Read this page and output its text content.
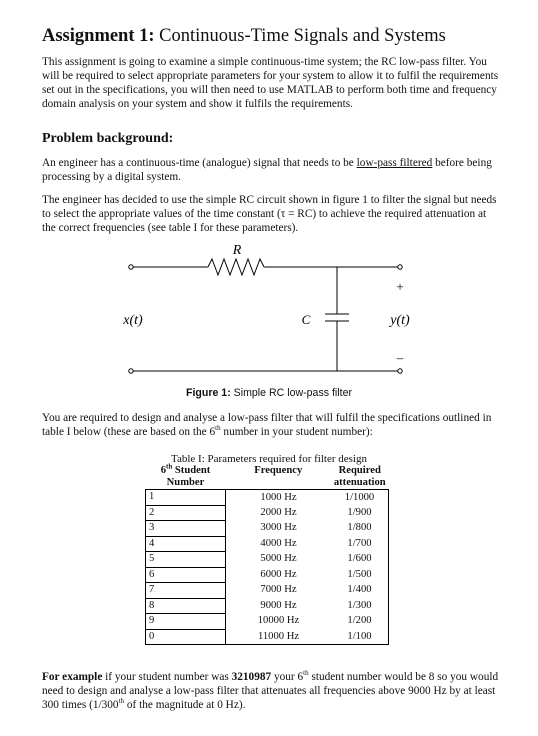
Assignment 1: Continuous-Time Signals and Systems

This assignment is going to examine a simple continuous-time system; the RC low-pass filter. You will be required to select appropriate parameters for your system to allow it to fulfil the requirements set out in the specifications, you will then need to use MATLAB to perform both time and frequency domain analysis on your system and show it fulfils the requirements.

Problem background:

An engineer has a continuous-time (analogue) signal that needs to be low-pass filtered before being processing by a digital system.

The engineer has decided to use the simple RC circuit shown in figure 1 to filter the signal but needs to select the appropriate values of the time constant (τ = RC) to achieve the required attenuation at the correct frequencies (see table I for these parameters).

R
C
x(t)	y(t)
+
–
Figure 1: Simple RC low-pass filter

You are required to design and analyse a low-pass filter that will fulfil the specifications outlined in table I below (these are based on the 6th number in your student number):

Table I: Parameters required for filter design
6th Student
Number	Frequency	Required
attenuation
1	1000 Hz	1/1000
2	2000 Hz	1/900
3	3000 Hz	1/800
4	4000 Hz	1/700
5	5000 Hz	1/600
6	6000 Hz	1/500
7	7000 Hz	1/400
8	9000 Hz	1/300
9	10000 Hz	1/200
0	11000 Hz	1/100

For example if your student number was 3210987 your 6th student number would be 8 so you would need to design and analyse a low-pass filter that attenuates all frequencies above 9000 Hz by at least 300 times (1/300th of the magnitude at 0 Hz).
